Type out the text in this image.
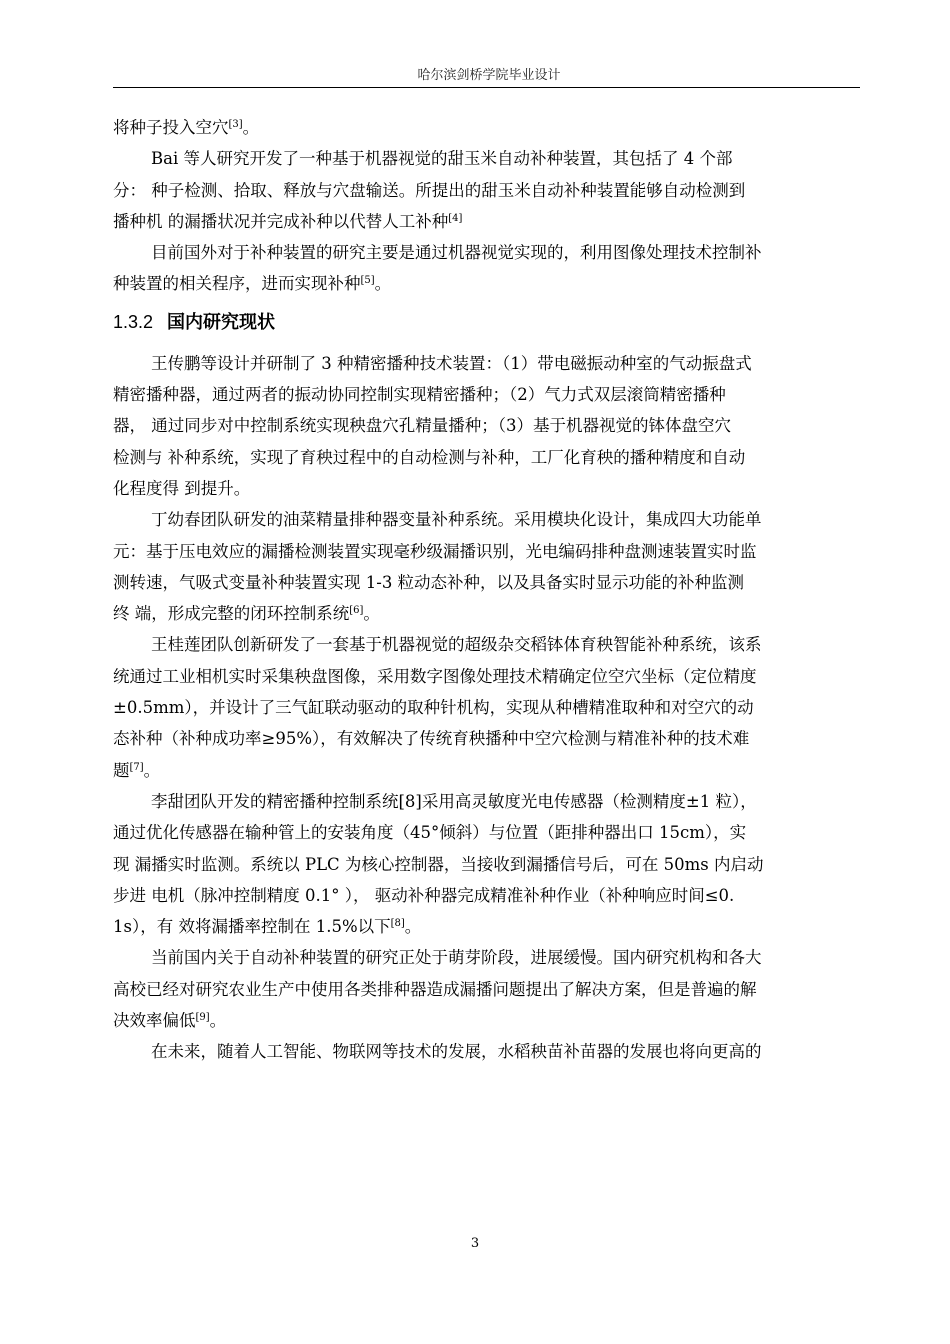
哈尔滨剑桥学院毕业设计
将种子投入空穴[3]。
Bai 等人研究开发了一种基于机器视觉的甜玉米自动补种装置，其包括了 4 个部
分： 种子检测、拾取、释放与穴盘输送。所提出的甜玉米自动补种装置能够自动检测到
播种机 的漏播状况并完成补种以代替人工补种[4]
目前国外对于补种装置的研究主要是通过机器视觉实现的，利用图像处理技术控制补
种装置的相关程序，进而实现补种[5]。
1.3.2 国内研究现状
王传鹏等设计并研制了 3 种精密播种技术装置：（1）带电磁振动种室的气动振盘式
精密播种器，通过两者的振动协同控制实现精密播种；（2）气力式双层滚筒精密播种
器， 通过同步对中控制系统实现秧盘穴孔精量播种；（3）基于机器视觉的钵体盘空穴
检测与 补种系统，实现了育秧过程中的自动检测与补种，工厂化育秧的播种精度和自动
化程度得 到提升。
丁幼春团队研发的油菜精量排种器变量补种系统。采用模块化设计，集成四大功能单
元：基于压电效应的漏播检测装置实现毫秒级漏播识别，光电编码排种盘测速装置实时监
测转速，气吸式变量补种装置实现 1-3 粒动态补种，以及具备实时显示功能的补种监测
终 端，形成完整的闭环控制系统[6]。
王桂莲团队创新研发了一套基于机器视觉的超级杂交稻钵体育秧智能补种系统，该系
统通过工业相机实时采集秧盘图像，采用数字图像处理技术精确定位空穴坐标（定位精度
±0.5mm），并设计了三气缸联动驱动的取种针机构，实现从种槽精准取种和对空穴的动
态补种（补种成功率≥95%），有效解决了传统育秧播种中空穴检测与精准补种的技术难
题[7]。
李甜团队开发的精密播种控制系统[8]采用高灵敏度光电传感器（检测精度±1 粒），
通过优化传感器在输种管上的安装角度（45°倾斜）与位置（距排种器出口 15cm），实
现 漏播实时监测。系统以 PLC 为核心控制器，当接收到漏播信号后，可在 50ms 内启动
步进 电机（脉冲控制精度 0.1° ）， 驱动补种器完成精准补种作业（补种响应时间≤0.
1s），有 效将漏播率控制在 1.5%以下[8]。
当前国内关于自动补种装置的研究正处于萌芽阶段，进展缓慢。国内研究机构和各大
高校已经对研究农业生产中使用各类排种器造成漏播问题提出了解决方案，但是普遍的解
决效率偏低[9]。
在未来，随着人工智能、物联网等技术的发展，水稻秧苗补苗器的发展也将向更高的
3
